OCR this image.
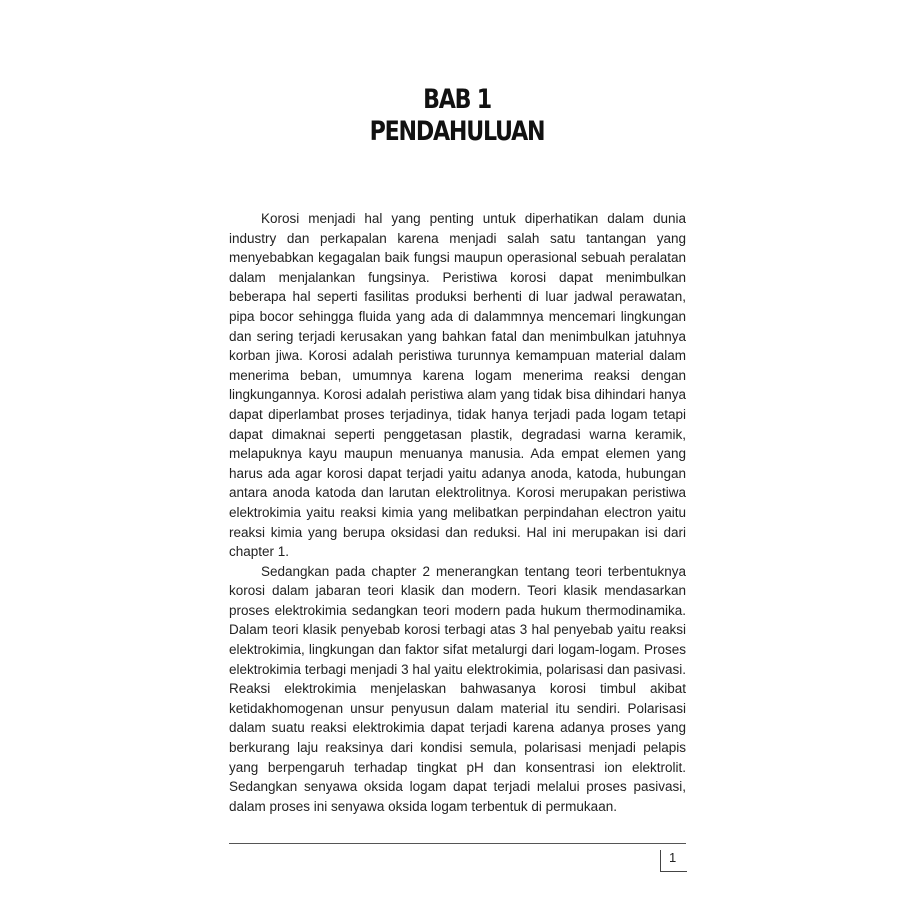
BAB 1
PENDAHULUAN

Korosi menjadi hal yang penting untuk diperhatikan dalam dunia industry dan perkapalan karena menjadi salah satu tantangan yang menyebabkan kegagalan baik fungsi maupun operasional sebuah peralatan dalam menjalankan fungsinya. Peristiwa korosi dapat menimbulkan beberapa hal seperti fasilitas produksi berhenti di luar jadwal perawatan, pipa bocor sehingga fluida yang ada di dalammnya mencemari lingkungan dan sering terjadi kerusakan yang bahkan fatal dan menimbulkan jatuhnya korban jiwa. Korosi adalah peristiwa turunnya kemampuan material dalam menerima beban, umumnya karena logam menerima reaksi dengan lingkungannya. Korosi adalah peristiwa alam yang tidak bisa dihindari hanya dapat diperlambat proses terjadinya, tidak hanya terjadi pada logam tetapi dapat dimaknai seperti penggetasan plastik, degradasi warna keramik, melapuknya kayu maupun menuanya manusia. Ada empat elemen yang harus ada agar korosi dapat terjadi yaitu adanya anoda, katoda, hubungan antara anoda katoda dan larutan elektrolitnya. Korosi merupakan peristiwa elektrokimia yaitu reaksi kimia yang melibatkan perpindahan electron yaitu reaksi kimia yang berupa oksidasi dan reduksi. Hal ini merupakan isi dari chapter 1.

Sedangkan pada chapter 2 menerangkan tentang teori terbentuknya korosi dalam jabaran teori klasik dan modern. Teori klasik mendasarkan proses elektrokimia sedangkan teori modern pada hukum thermodinamika. Dalam teori klasik penyebab korosi terbagi atas 3 hal penyebab yaitu reaksi elektrokimia, lingkungan dan faktor sifat metalurgi dari logam-logam. Proses elektrokimia terbagi menjadi 3 hal yaitu elektrokimia, polarisasi dan pasivasi. Reaksi elektrokimia menjelaskan bahwasanya korosi timbul akibat ketidakhomogenan unsur penyusun dalam material itu sendiri. Polarisasi dalam suatu reaksi elektrokimia dapat terjadi karena adanya proses yang berkurang laju reaksinya dari kondisi semula, polarisasi menjadi pelapis yang berpengaruh terhadap tingkat pH dan konsentrasi ion elektrolit. Sedangkan senyawa oksida logam dapat terjadi melalui proses pasivasi, dalam proses ini senyawa oksida logam terbentuk di permukaan.

1
